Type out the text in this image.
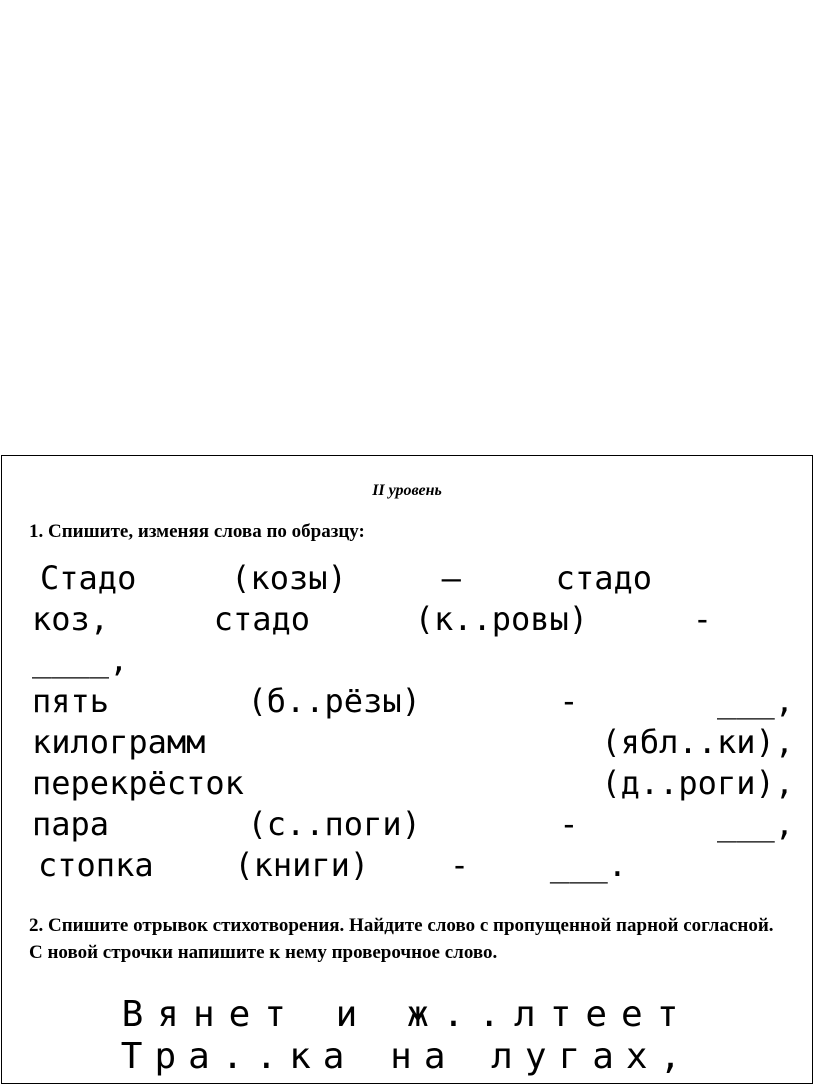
II уровень
1. Спишите, изменяя слова по образцу:
Стадо	(козы)	–	стадо
коз,	стадо	(к..ровы)	-
____,
пять	(б..рёзы)	-	___,
килограмм	(ябл..ки),
перекрёсток	(д..роги),
пара	(с..поги)	-	___,
стопка	(книги)	-	___.
2. Спишите отрывок стихотворения. Найдите слово с пропущенной парной согласной. С новой строчки напишите к нему проверочное слово.
Вянет и ж..лтеет
Тра..ка на лугах,
